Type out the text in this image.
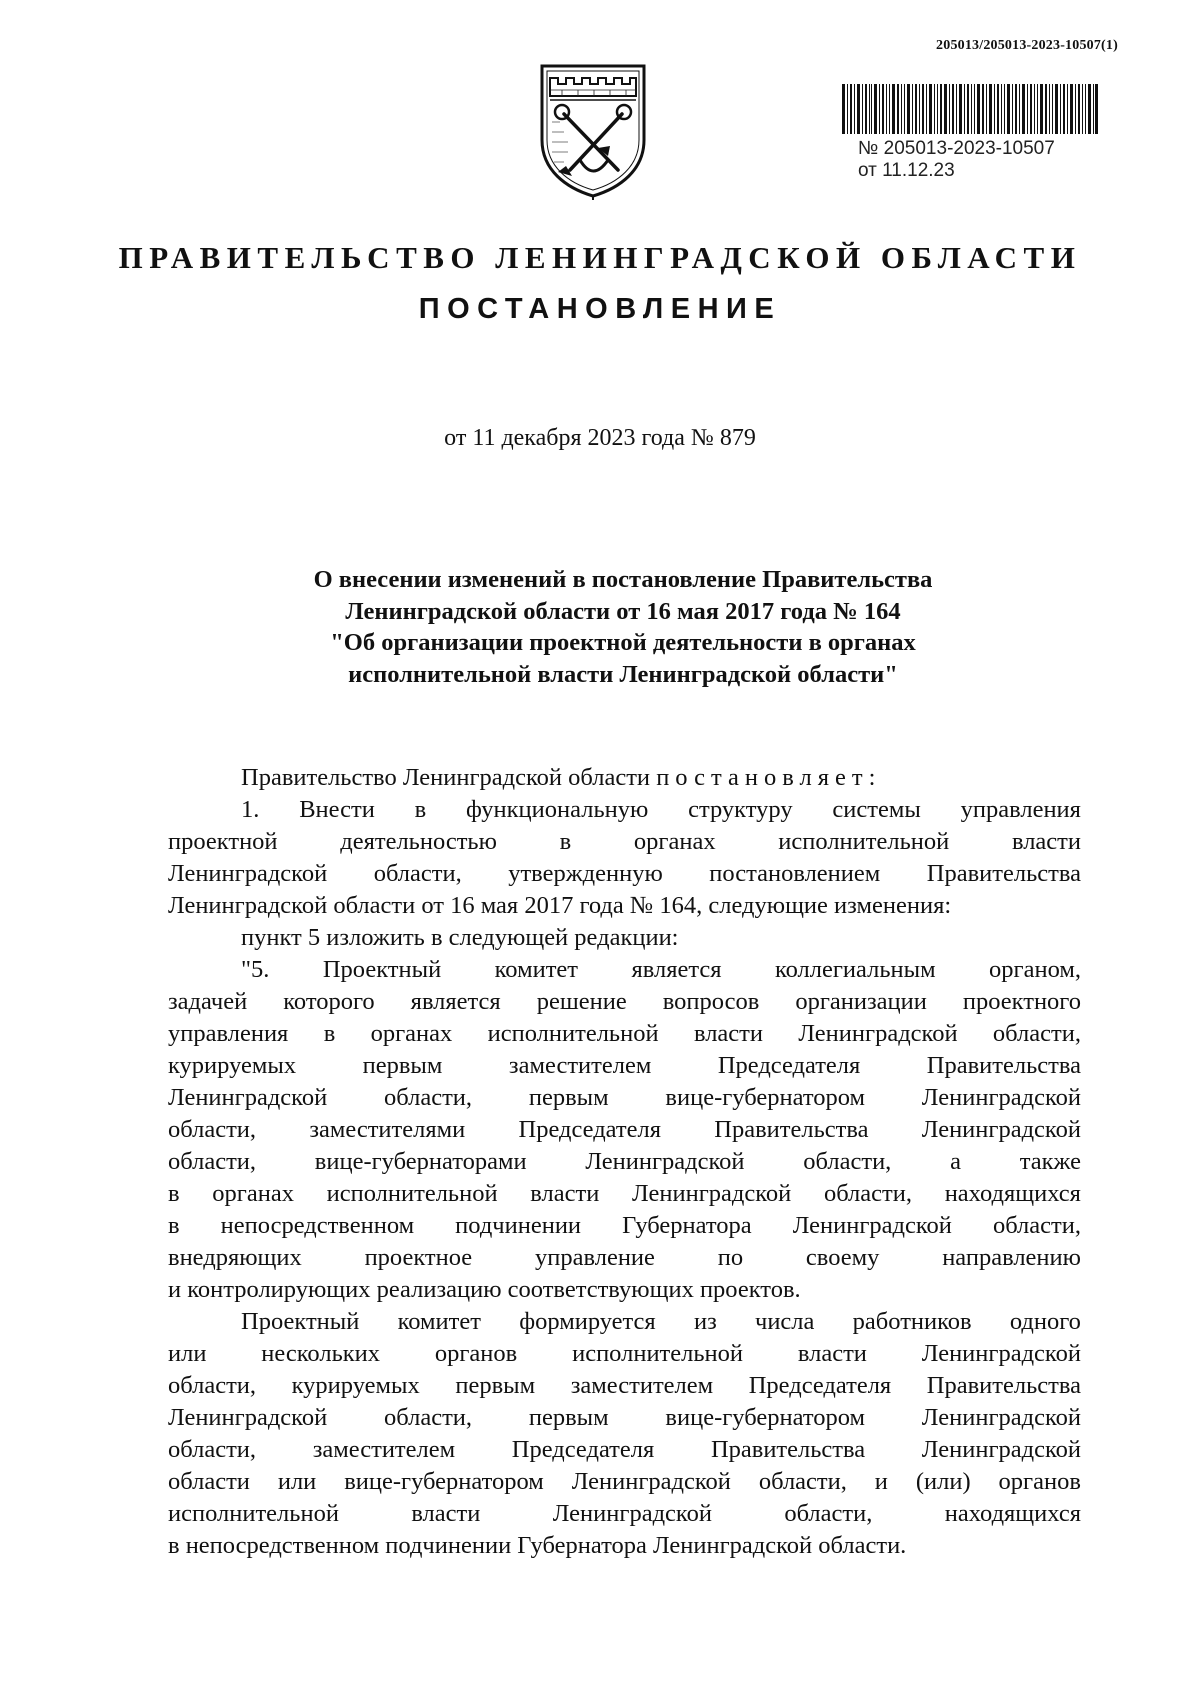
205013/205013-2023-10507(1)
№ 205013-2023-10507
от 11.12.23
ПРАВИТЕЛЬСТВО ЛЕНИНГРАДСКОЙ ОБЛАСТИ
ПОСТАНОВЛЕНИЕ
от 11 декабря 2023 года № 879
О внесении изменений в постановление Правительства
Ленинградской области от 16 мая 2017 года № 164
"Об организации проектной деятельности в органах
исполнительной власти Ленинградской области"
Правительство Ленинградской области постановляет:
1. Внести в функциональную структуру системы управления
проектной	деятельностью	в	органах	исполнительной	власти
Ленинградской области, утвержденную постановлением Правительства
Ленинградской области от 16 мая 2017 года № 164, следующие изменения:
пункт 5 изложить в следующей редакции:
"5. Проектный комитет является коллегиальным органом,
задачей которого является решение вопросов организации проектного
управления в органах исполнительной власти Ленинградской области,
курируемых	первым	заместителем	Председателя	Правительства
Ленинградской области, первым вице-губернатором Ленинградской
области, заместителями Председателя Правительства Ленинградской
области, вице-губернаторами Ленинградской области, а также
в органах исполнительной власти Ленинградской области, находящихся
в непосредственном подчинении Губернатора Ленинградской области,
внедряющих	проектное	управление	по	своему	направлению
и контролирующих реализацию соответствующих проектов.
Проектный комитет формируется из числа работников одного
или нескольких органов исполнительной власти Ленинградской
области, курируемых первым заместителем Председателя Правительства
Ленинградской области, первым вице-губернатором Ленинградской
области, заместителем Председателя Правительства Ленинградской
области или вице-губернатором Ленинградской области, и (или) органов
исполнительной	власти	Ленинградской	области,	находящихся
в непосредственном подчинении Губернатора Ленинградской области.
